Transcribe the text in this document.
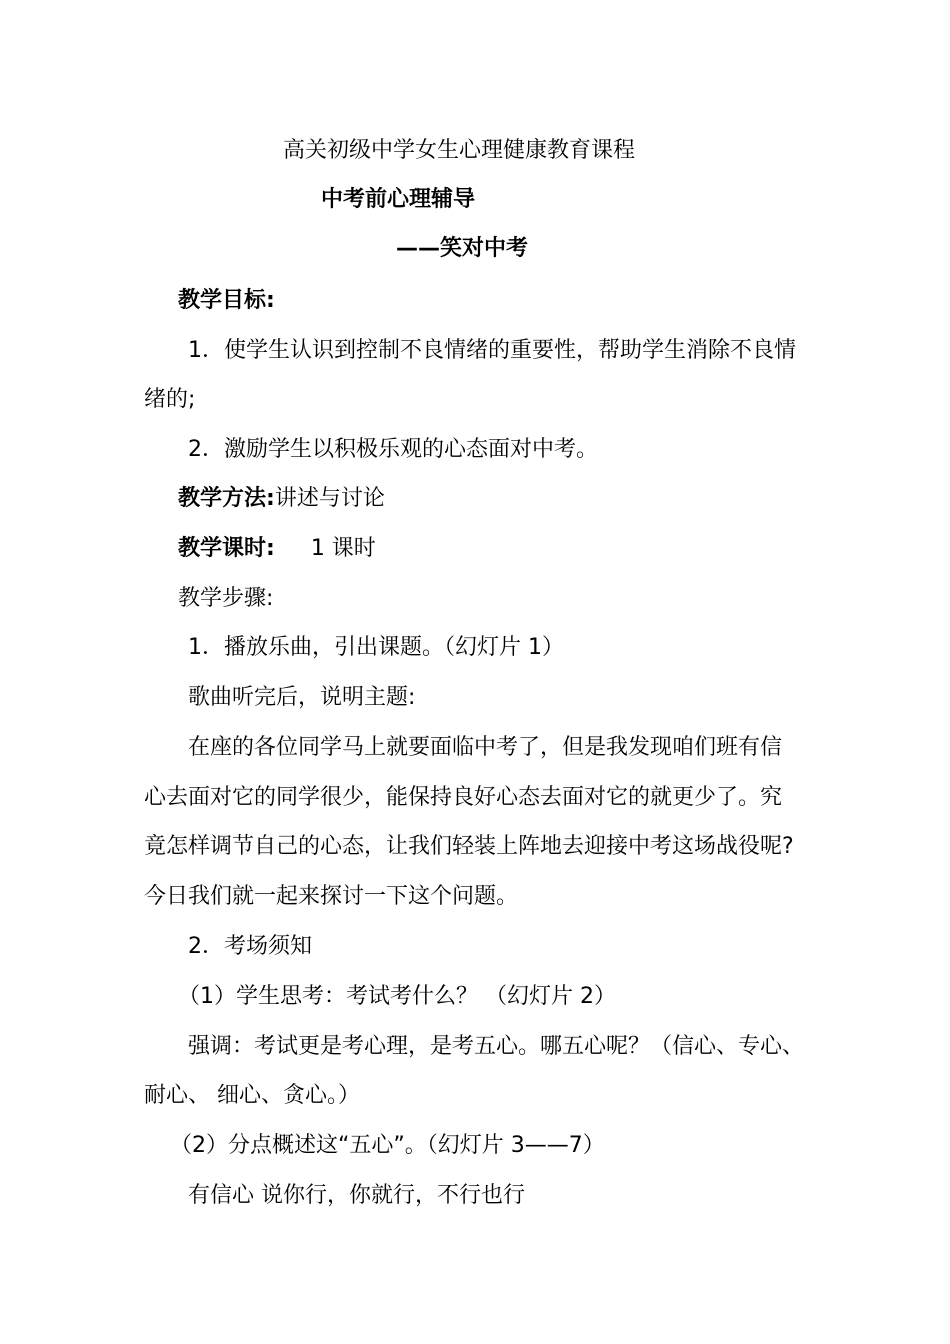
高关初级中学女生心理健康教育课程

中考前心理辅导

——笑对中考

教学目标:

1．使学生认识到控制不良情绪的重要性，帮助学生消除不良情

绪的;

2．激励学生以积极乐观的心态面对中考。

教学方法:讲述与讨论

教学课时: 1 课时

教学步骤:

1．播放乐曲，引出课题。（幻灯片 1）

歌曲听完后，说明主题:

在座的各位同学马上就要面临中考了，但是我发现咱们班有信

心去面对它的同学很少，能保持良好心态去面对它的就更少了。究

竟怎样调节自己的心态，让我们轻装上阵地去迎接中考这场战役呢?

今日我们就一起来探讨一下这个问题。

2．考场须知

（1）学生思考：考试考什么？ （幻灯片 2）

强调：考试更是考心理，是考五心。哪五心呢？（信心、专心、

耐心、 细心、贪心。）

（2）分点概述这“五心”。（幻灯片 3——7）

有信心 说你行，你就行，不行也行
